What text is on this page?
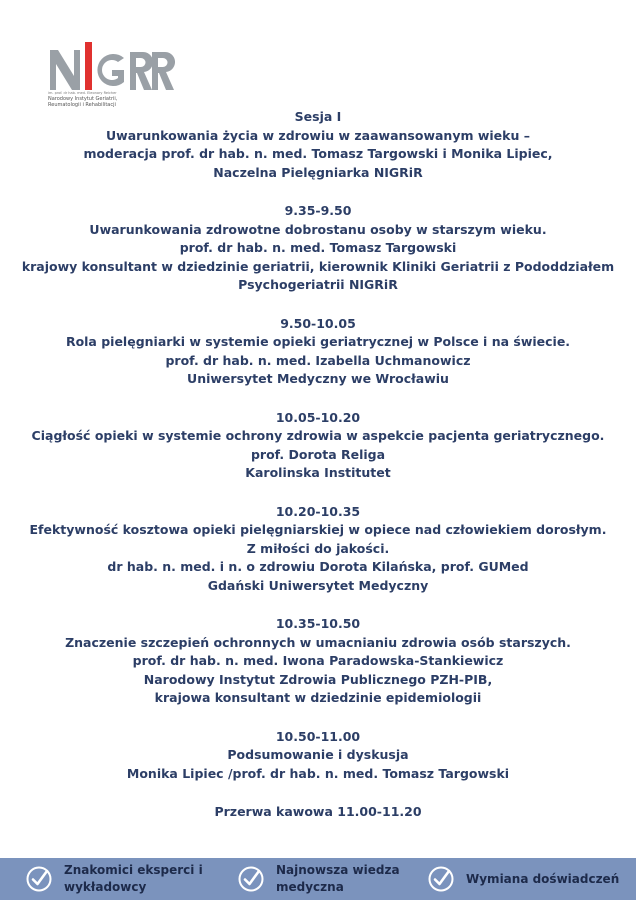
im. prof. dr hab. med. Eleonory Reicher
Narodowy Instytut Geriatrii,
Reumatologii i Rehabilitacji

Sesja I

Uwarunkowania życia w zdrowiu w zaawansowanym wieku –

moderacja prof. dr hab. n. med. Tomasz Targowski i Monika Lipiec,

Naczelna Pielęgniarka NIGRiR

9.35-9.50

Uwarunkowania zdrowotne dobrostanu osoby w starszym wieku.

prof. dr hab. n. med. Tomasz Targowski

krajowy konsultant w dziedzinie geriatrii, kierownik Kliniki Geriatrii z Pododdziałem

Psychogeriatrii NIGRiR

9.50-10.05

Rola pielęgniarki w systemie opieki geriatrycznej w Polsce i na świecie.

prof. dr hab. n. med. Izabella Uchmanowicz

Uniwersytet Medyczny we Wrocławiu

10.05-10.20

Ciągłość opieki w systemie ochrony zdrowia w aspekcie pacjenta geriatrycznego.

prof. Dorota Religa

Karolinska Institutet

10.20-10.35

Efektywność kosztowa opieki pielęgniarskiej w opiece nad człowiekiem dorosłym.

Z miłości do jakości.

dr hab. n. med. i n. o zdrowiu Dorota Kilańska, prof. GUMed

Gdański Uniwersytet Medyczny

10.35-10.50

Znaczenie szczepień ochronnych w umacnianiu zdrowia osób starszych.

prof. dr hab. n. med. Iwona Paradowska-Stankiewicz

Narodowy Instytut Zdrowia Publicznego PZH-PIB,

krajowa konsultant w dziedzinie epidemiologii

10.50-11.00

Podsumowanie i dyskusja

Monika Lipiec /prof. dr hab. n. med. Tomasz Targowski

Przerwa kawowa 11.00-11.20

Znakomici eksperci i
wykładowcy
Najnowsza wiedza
medyczna
Wymiana doświadczeń
